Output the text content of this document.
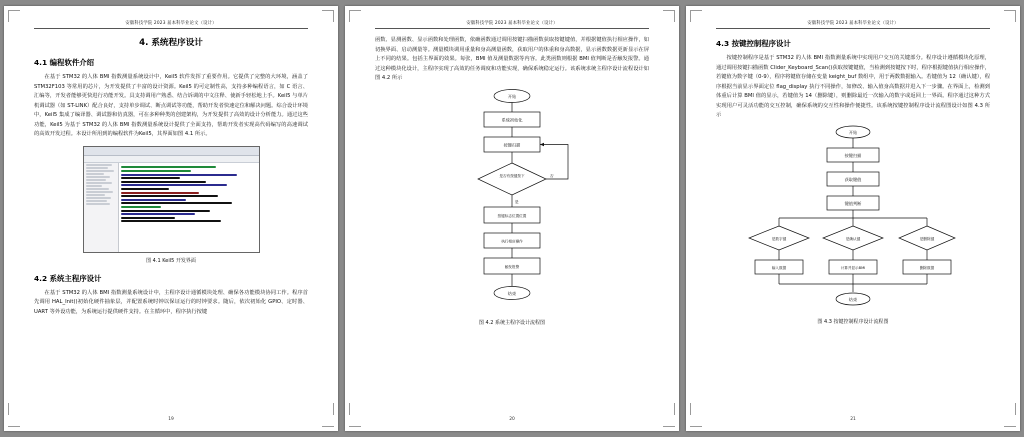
安徽科技学院 2023 届本科毕业论文（设计）
4. 系统程序设计
4.1 编程软件介绍

在基于 STM32 的人体 BMI 指数测量系统设计中，Keil5 软件发挥了重要作用。它提供了完整的大环境，涵盖了 STM32F103 等常用的芯片，为开发提供了丰富的设计资源。Keil5 的可定制性高，支持多种编程语言，如 C 语言、汇编等，开发者能够更快进行功能开发。具支持调用产熟悉、结合诉调的中文注释、使新手轻松地上手。Keil5 与单片机调试器（如 ST-LINK）配合良好，支持单步调试、断点调试等功能，帮助开发者快速定位和解决问题。综合设计环境中，Keil5 集成了编译器、调试器和仿真器，可在多种种类的创建架构，为开发提供了高效的设计分析能力。通过这些功能，Keil5 为基于 STM32 的人体 BMI 指数测量系统设计提供了全面支持，帮助开发者实现高代码编写的高速调试的高效开发过程。本设计所用到的编程软件为Keil5，其界面如图 4.1 所示。

图 4.1 Keil5 开发界面
4.2 系统主程序设计

在基于 STM32 的人体 BMI 指数测量系统设计中，主程序设计通循模块处理、确保各功能模块协同工作。程序首先调用 HAL_Init()初始化硬件抽象层，并配置系统时钟以保证运行的时钟要求。随后，依次初始化 GPIO、定时器、UART 等外设功能，为系统运行提供硬件支持。在主循环中，程序执行按键

19
安徽科技学院 2023 届本科毕业论文（设计）

函数、显测函数、显示函数和处理函数，依确函数通过调用按键扫描函数获取按键键值，并根据键值执行相应操作，如切换界面、启动测量等。测量模块调用重量和身高测量函数，获取用户的体重和身高数据，显示函数数据更新显示在屏上不同的结果。包括主界面的效果。每张，BMI 值及测量数据等内容。此类函数则根据 BMI 值判断是否触发报警。通过这种模块化设计，主程序实现了高效的任务调度和功能实现，确保系统稳定运行。该系统求统主程序设计流程设计如图 4.2 所示

开始
系统初始化
按键扫描
是否有按键按下	否
是
按键标志位置位置
执行相应操作
触发报警
结束
图 4.2 系统主程序设计流程图
20
安徽科技学院 2023 届本科毕业论文（设计）
4.3 按键控制程序设计

按键控制程序是基于 STM32 的人体 BMI 指数测量系统中实现用户交互的关键部分。程序设计遵循模块化原理，通过调用按键扫描函数 Clider_Keyboard_Scan()获取按键键值，当检测到按键按下时，程序根据键值执行相应操作，若键值为数字键（0-9），程序将键值存储在变量 keight_buf 数组中，用于两数数据输入。若键值为 12（确认键），程序根据当前显示界面定位 flag_display 执行不同操作，如修改、输入值身高数据并进入下一步骤。在界面上，检测到体重后计算 BMI 值的显示，若键值为 14（删除键），则删除最近一次输入的数字或返回上一界面。程序通过这种方式实现用户可灵活功能的交互控制，确保系统的交互性和操作便捷性。该系统按键控制程序设计流程图设计如图 4.3 所示

开始
按键扫描
获取键值
键值判断
是数字键	是确认键	是删除键
输入数据	计算并显示BMI	删除数据
结束
图 4.3 按键控制程序设计流程图
21
